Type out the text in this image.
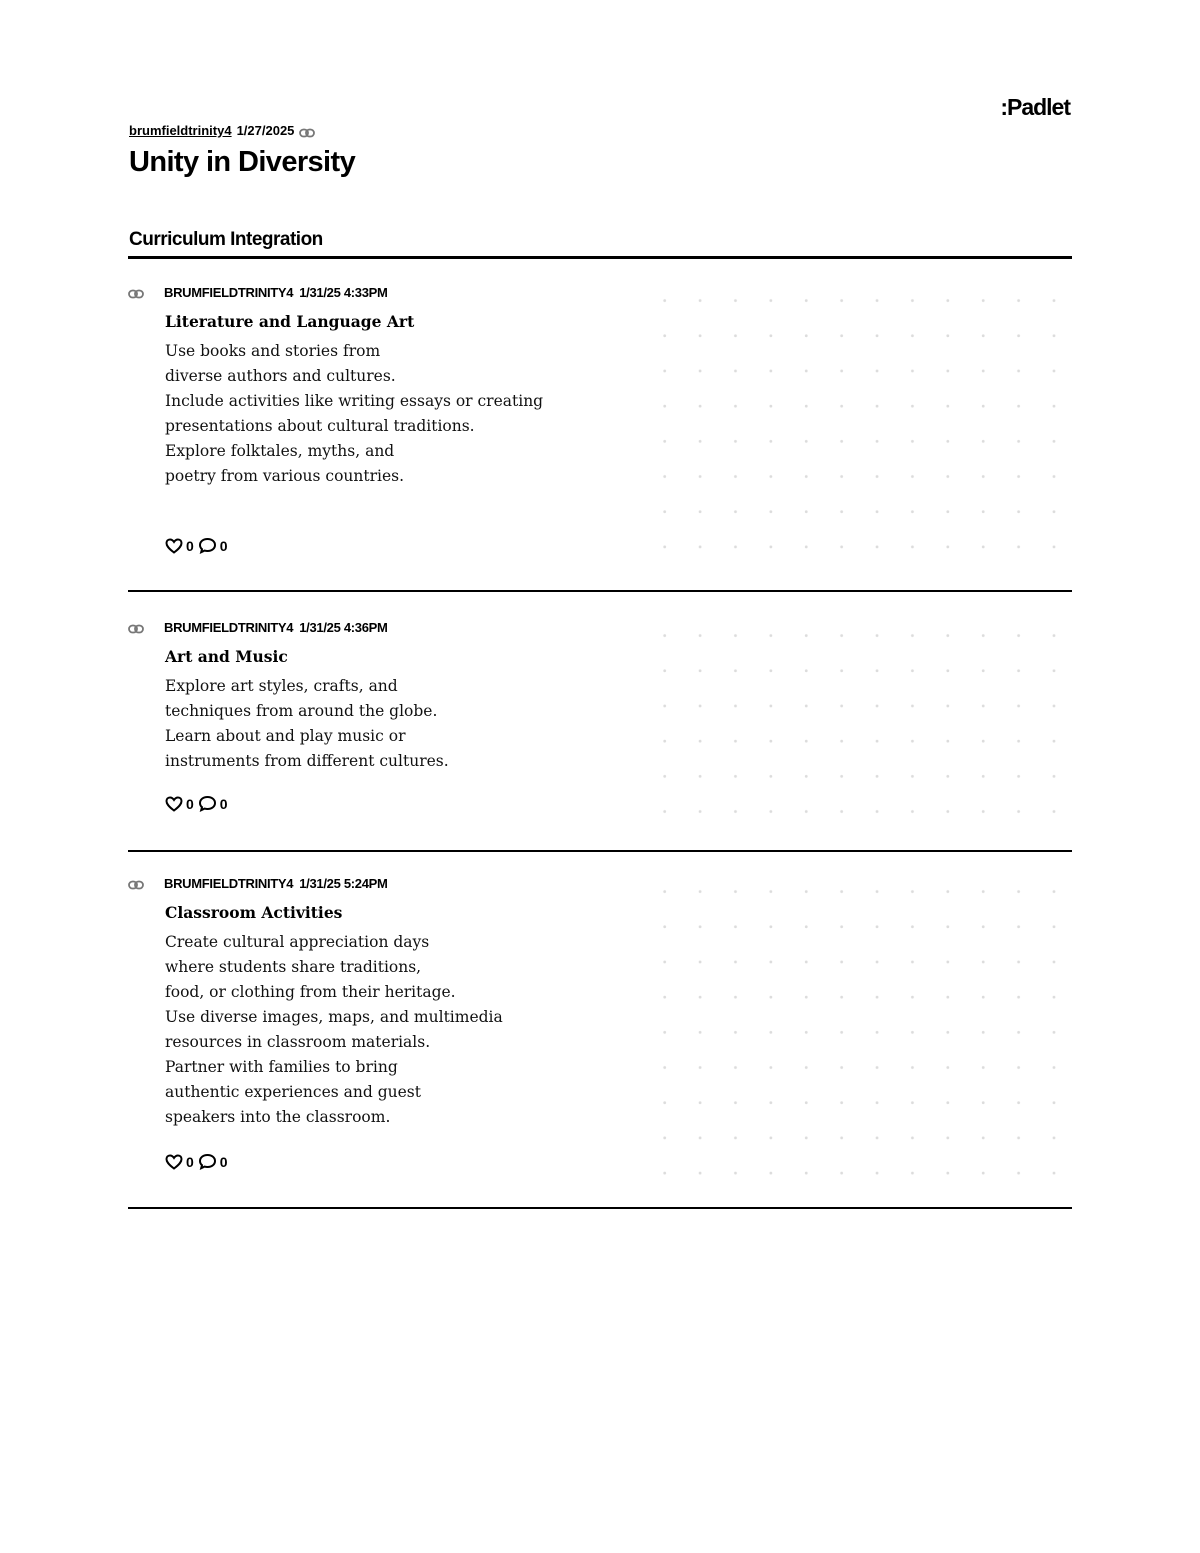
:Padlet
brumfieldtrinity4 1/27/2025
Unity in Diversity
Curriculum Integration
BRUMFIELDTRINITY4 1/31/25 4:33PM
Literature and Language Art

Use books and stories from
diverse authors and cultures.
Include activities like writing essays or creating
presentations about cultural traditions.
Explore folktales, myths, and
poetry from various countries.

0 0
BRUMFIELDTRINITY4 1/31/25 4:36PM
Art and Music

Explore art styles, crafts, and
techniques from around the globe.
Learn about and play music or
instruments from different cultures.

0 0
BRUMFIELDTRINITY4 1/31/25 5:24PM
Classroom Activities

Create cultural appreciation days
where students share traditions,
food, or clothing from their heritage.
Use diverse images, maps, and multimedia
resources in classroom materials.
Partner with families to bring
authentic experiences and guest
speakers into the classroom.

0 0
